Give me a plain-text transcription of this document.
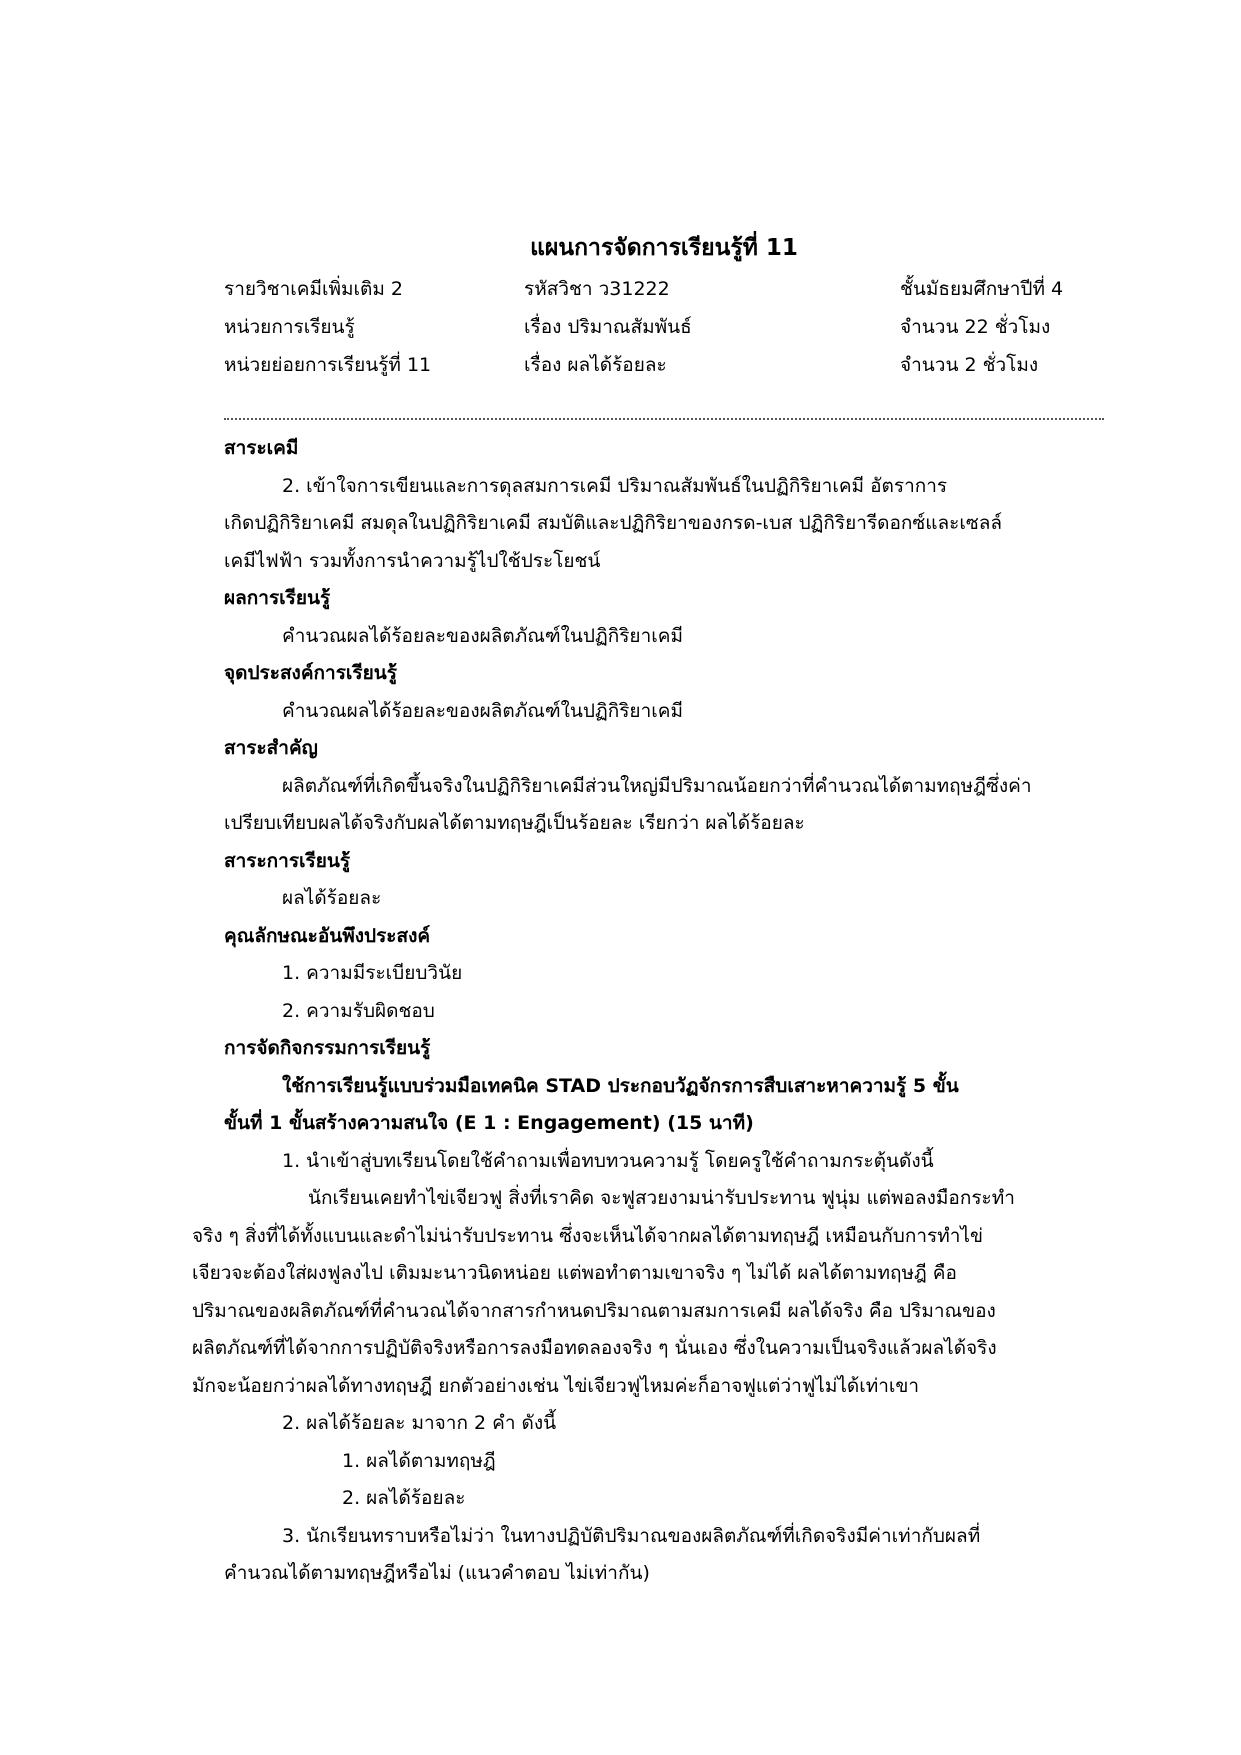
แผนการจัดการเรียนรู้ที่ 11
รายวิชาเคมีเพิ่มเติม 2	รหัสวิชา ว31222	ชั้นมัธยมศึกษาปีที่ 4
หน่วยการเรียนรู้	เรื่อง ปริมาณสัมพันธ์	จำนวน 22 ชั่วโมง
หน่วยย่อยการเรียนรู้ที่ 11	เรื่อง ผลได้ร้อยละ	จำนวน 2 ชั่วโมง
สาระเคมี
2. เข้าใจการเขียนและการดุลสมการเคมี ปริมาณสัมพันธ์ในปฏิกิริยาเคมี อัตราการ
เกิดปฏิกิริยาเคมี สมดุลในปฏิกิริยาเคมี สมบัติและปฏิกิริยาของกรด-เบส ปฏิกิริยารีดอกซ์และเซลล์
เคมีไฟฟ้า รวมทั้งการนำความรู้ไปใช้ประโยชน์
ผลการเรียนรู้
คำนวณผลได้ร้อยละของผลิตภัณฑ์ในปฏิกิริยาเคมี
จุดประสงค์การเรียนรู้
คำนวณผลได้ร้อยละของผลิตภัณฑ์ในปฏิกิริยาเคมี
สาระสำคัญ
ผลิตภัณฑ์ที่เกิดขึ้นจริงในปฏิกิริยาเคมีส่วนใหญ่มีปริมาณน้อยกว่าที่คำนวณได้ตามทฤษฎีซึ่งค่า
เปรียบเทียบผลได้จริงกับผลได้ตามทฤษฎีเป็นร้อยละ เรียกว่า ผลได้ร้อยละ
สาระการเรียนรู้
ผลได้ร้อยละ
คุณลักษณะอันพึงประสงค์
1. ความมีระเบียบวินัย
2. ความรับผิดชอบ
การจัดกิจกรรมการเรียนรู้
ใช้การเรียนรู้แบบร่วมมือเทคนิค STAD ประกอบวัฏจักรการสืบเสาะหาความรู้ 5 ขั้น
ขั้นที่ 1 ขั้นสร้างความสนใจ (E 1 : Engagement) (15 นาที)
1. นำเข้าสู่บทเรียนโดยใช้คำถามเพื่อทบทวนความรู้ โดยครูใช้คำถามกระตุ้นดังนี้
นักเรียนเคยทำไข่เจียวฟู สิ่งที่เราคิด จะฟูสวยงามน่ารับประทาน ฟูนุ่ม แต่พอลงมือกระทำ
จริง ๆ สิ่งที่ได้ทั้งแบนและดำไม่น่ารับประทาน ซึ่งจะเห็นได้จากผลได้ตามทฤษฎี เหมือนกับการทำไข่
เจียวจะต้องใส่ผงฟูลงไป เติมมะนาวนิดหน่อย แต่พอทำตามเขาจริง ๆ ไม่ได้ ผลได้ตามทฤษฎี คือ
ปริมาณของผลิตภัณฑ์ที่คำนวณได้จากสารกำหนดปริมาณตามสมการเคมี ผลได้จริง คือ ปริมาณของ
ผลิตภัณฑ์ที่ได้จากการปฏิบัติจริงหรือการลงมือทดลองจริง ๆ นั่นเอง ซึ่งในความเป็นจริงแล้วผลได้จริง
มักจะน้อยกว่าผลได้ทางทฤษฎี ยกตัวอย่างเช่น ไข่เจียวฟูไหมค่ะก็อาจฟูแต่ว่าฟูไม่ได้เท่าเขา
2. ผลได้ร้อยละ มาจาก 2 คำ ดังนี้
1. ผลได้ตามทฤษฎี
2. ผลได้ร้อยละ
3. นักเรียนทราบหรือไม่ว่า ในทางปฏิบัติปริมาณของผลิตภัณฑ์ที่เกิดจริงมีค่าเท่ากับผลที่
คำนวณได้ตามทฤษฎีหรือไม่ (แนวคำตอบ ไม่เท่ากัน)
